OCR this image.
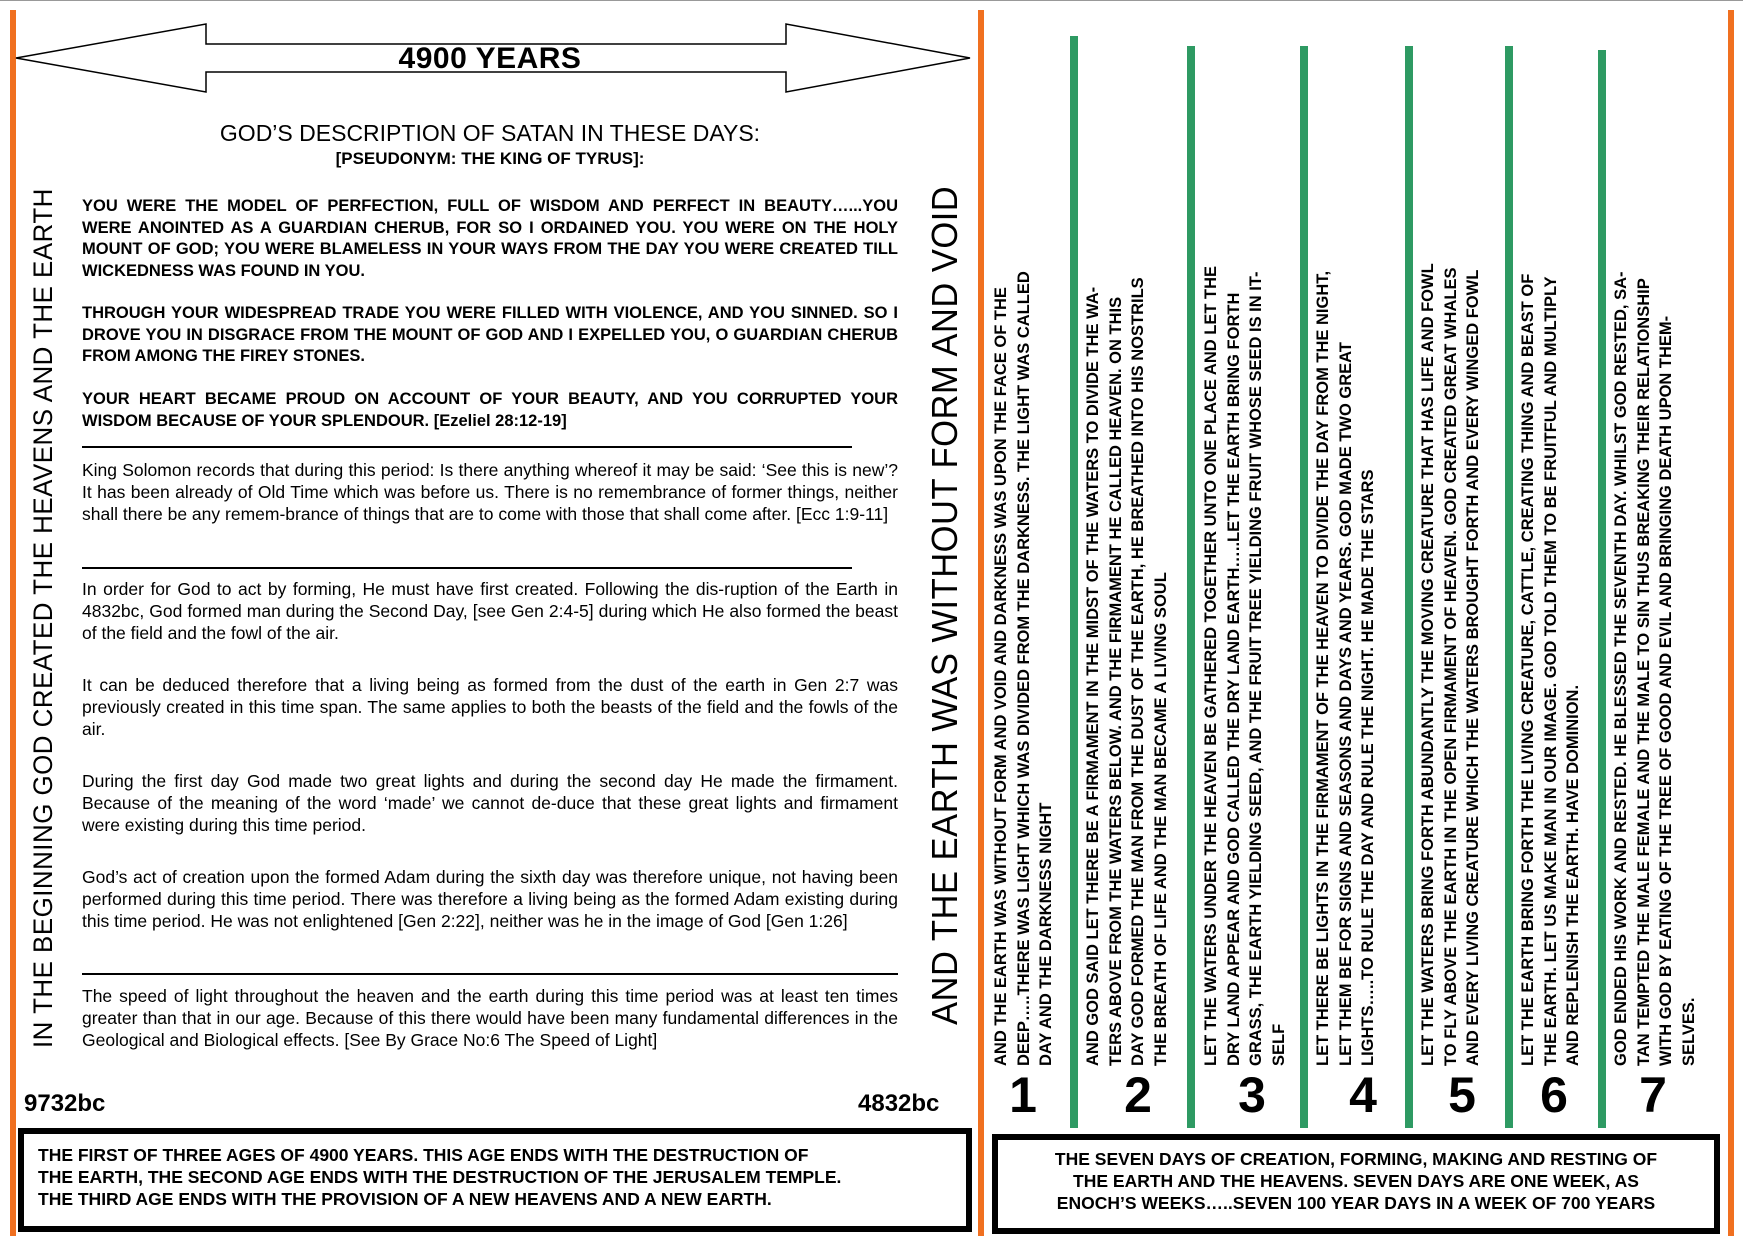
4900 YEARS
IN THE BEGINNING GOD CREATED THE HEAVENS AND THE EARTH	AND THE EARTH WAS WITHOUT FORM AND VOID
GOD’S DESCRIPTION OF SATAN IN THESE DAYS:
[PSEUDONYM: THE KING OF TYRUS]:
YOU WERE THE MODEL OF PERFECTION, FULL OF WISDOM AND PERFECT IN BEAUTY…...YOU WERE ANOINTED AS A GUARDIAN CHERUB, FOR SO I ORDAINED YOU. YOU WERE ON THE HOLY MOUNT OF GOD; YOU WERE BLAMELESS IN YOUR WAYS FROM THE DAY YOU WERE CREATED TILL WICKEDNESS WAS FOUND IN YOU.
THROUGH YOUR WIDESPREAD TRADE YOU WERE FILLED WITH VIOLENCE, AND YOU SINNED. SO I DROVE YOU IN DISGRACE FROM THE MOUNT OF GOD AND I EXPELLED YOU, O GUARDIAN CHERUB FROM AMONG THE FIREY STONES.
YOUR HEART BECAME PROUD ON ACCOUNT OF YOUR BEAUTY, AND YOU CORRUPTED YOUR WISDOM BECAUSE OF YOUR SPLENDOUR. [Ezeliel 28:12-19]
King Solomon records that during this period: Is there anything whereof it may be said: ‘See this is new’? It has been already of Old Time which was before us. There is no remembrance of former things, neither shall there be any remem-brance of things that are to come with those that shall come after. [Ecc 1:9-11]
In order for God to act by forming, He must have first created. Following the dis-ruption of the Earth in 4832bc, God formed man during the Second Day, [see Gen 2:4-5] during which He also formed the beast of the field and the fowl of the air.
It can be deduced therefore that a living being as formed from the dust of the earth in Gen 2:7 was previously created in this time span. The same applies to both the beasts of the field and the fowls of the air.
During the first day God made two great lights and during the second day He made the firmament. Because of the meaning of the word ‘made’ we cannot de-duce that these great lights and firmament were existing during this time period.
God’s act of creation upon the formed Adam during the sixth day was therefore unique, not having been performed during this time period. There was therefore a living being as the formed Adam existing during this time period. He was not enlightened [Gen 2:22], neither was he in the image of God [Gen 1:26]
The speed of light throughout the heaven and the earth during this time period was at least ten times greater than that in our age. Because of this there would have been many fundamental differences in the Geological and Biological effects. [See By Grace No:6 The Speed of Light]
9732bc	4832bc
THE FIRST OF THREE AGES OF 4900 YEARS. THIS AGE ENDS WITH THE DESTRUCTION OF
THE EARTH, THE SECOND AGE ENDS WITH THE DESTRUCTION OF THE JERUSALEM TEMPLE.
THE THIRD AGE ENDS WITH THE PROVISION OF A NEW HEAVENS AND A NEW EARTH.
THE SEVEN DAYS OF CREATION, FORMING, MAKING AND RESTING OF
THE EARTH AND THE HEAVENS. SEVEN DAYS ARE ONE WEEK, AS
ENOCH’S WEEKS…..SEVEN 100 YEAR DAYS IN A WEEK OF 700 YEARS
AND THE EARTH WAS WITHOUT FORM AND VOID AND DARKNESS WAS UPON THE FACE OF THE DEEP…..THERE WAS LIGHT WHICH WAS DIVIDED FROM THE DARKNESS. THE LIGHT WAS CALLED DAY AND THE DARKNESS NIGHT
1
AND GOD SAID LET THERE BE A FIRMAMENT IN THE MIDST OF THE WATERS TO DIVIDE THE WA- TERS ABOVE FROM THE WATERS BELOW. AND THE FIRMAMENT HE CALLED HEAVEN. ON THIS DAY GOD FORMED THE MAN FROM THE DUST OF THE EARTH, HE BREATHED INTO HIS NOSTRILS THE BREATH OF LIFE AND THE MAN BECAME A LIVING SOUL
2
LET THE WATERS UNDER THE HEAVEN BE GATHERED TOGETHER UNTO ONE PLACE AND LET THE DRY LAND APPEAR AND GOD CALLED THE DRY LAND EARTH…..LET THE EARTH BRING FORTH GRASS, THE EARTH YIELDING SEED, AND THE FRUIT TREE YIELDING FRUIT WHOSE SEED IS IN IT- SELF
3
LET THERE BE LIGHTS IN THE FIRMAMENT OF THE HEAVEN TO DIVIDE THE DAY FROM THE NIGHT, LET THEM BE FOR SIGNS AND SEASONS AND DAYS AND YEARS. GOD MADE TWO GREAT LIGHTS…..TO RULE THE DAY AND RULE THE NIGHT. HE MADE THE STARS
4
LET THE WATERS BRING FORTH ABUNDANTLY THE MOVING CREATURE THAT HAS LIFE AND FOWL TO FLY ABOVE THE EARTH IN THE OPEN FIRMAMENT OF HEAVEN. GOD CREATED GREAT WHALES AND EVERY LIVING CREATURE WHICH THE WATERS BROUGHT FORTH AND EVERY WINGED FOWL
5
LET THE EARTH BRING FORTH THE LIVING CREATURE, CATTLE, CREATING THING AND BEAST OF THE EARTH. LET US MAKE MAN IN OUR IMAGE. GOD TOLD THEM TO BE FRUITFUL AND MULTIPLY AND REPLENISH THE EARTH. HAVE DOMINION.
6
GOD ENDED HIS WORK AND RESTED. HE BLESSED THE SEVENTH DAY. WHILST GOD RESTED, SA- TAN TEMPTED THE MALE FEMALE AND THE MALE TO SIN THUS BREAKING THEIR RELATIONSHIP WITH GOD BY EATING OF THE TREE OF GOOD AND EVIL AND BRINGING DEATH UPON THEM- SELVES.
7
